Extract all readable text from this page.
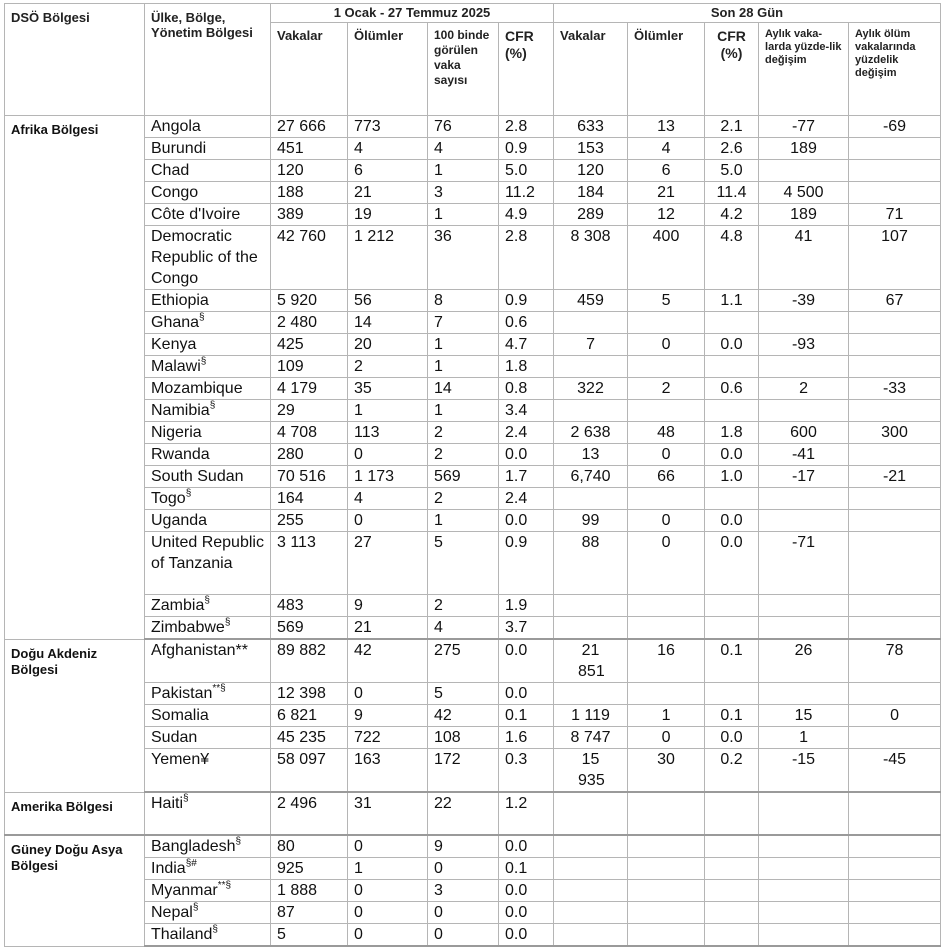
DSÖ Bölgesi	Ülke, Bölge, Yönetim Bölgesi	1 Ocak - 27 Temmuz 2025				Son 28 Gün				
		Vakalar	Ölümler	100 binde görülen vaka sayısı	CFR (%)	Vakalar	Ölümler	CFR (%)	Aylık vaka-larda yüzde-lik değişim	Aylık ölüm vakalarında yüzdelik değişim
Afrika Bölgesi	Angola	27 666	773	76	2.8	633	13	2.1	-77	-69
	Burundi	451	4	4	0.9	153	4	2.6	189	
	Chad	120	6	1	5.0	120	6	5.0		
	Congo	188	21	3	11.2	184	21	11.4	4 500	
	Côte d'Ivoire	389	19	1	4.9	289	12	4.2	189	71
	Democratic Republic of the Congo	42 760	1 212	36	2.8	8 308	400	4.8	41	107
	Ethiopia	5 920	56	8	0.9	459	5	1.1	-39	67
	Ghana§	2 480	14	7	0.6					
	Kenya	425	20	1	4.7	7	0	0.0	-93	
	Malawi§	109	2	1	1.8					
	Mozambique	4 179	35	14	0.8	322	2	0.6	2	-33
	Namibia§	29	1	1	3.4					
	Nigeria	4 708	113	2	2.4	2 638	48	1.8	600	300
	Rwanda	280	0	2	0.0	13	0	0.0	-41	
	South Sudan	70 516	1 173	569	1.7	6,740	66	1.0	-17	-21
	Togo§	164	4	2	2.4					
	Uganda	255	0	1	0.0	99	0	0.0		
	United Republic of Tanzania	3 113	27	5	0.9	88	0	0.0	-71	
	Zambia§	483	9	2	1.9					
	Zimbabwe§	569	21	4	3.7					
Doğu Akdeniz Bölgesi	Afghanistan**	89 882	42	275	0.0	21 851	16	0.1	26	78
	Pakistan**§	12 398	0	5	0.0					
	Somalia	6 821	9	42	0.1	1 119	1	0.1	15	0
	Sudan	45 235	722	108	1.6	8 747	0	0.0	1	
	Yemen¥	58 097	163	172	0.3	15 935	30	0.2	-15	-45
Amerika Bölgesi	Haiti§	2 496	31	22	1.2					
Güney Doğu Asya Bölgesi	Bangladesh§	80	0	9	0.0					
	India§#	925	1	0	0.1					
	Myanmar**§	1 888	0	3	0.0					
	Nepal§	87	0	0	0.0					
	Thailand§	5	0	0	0.0					
